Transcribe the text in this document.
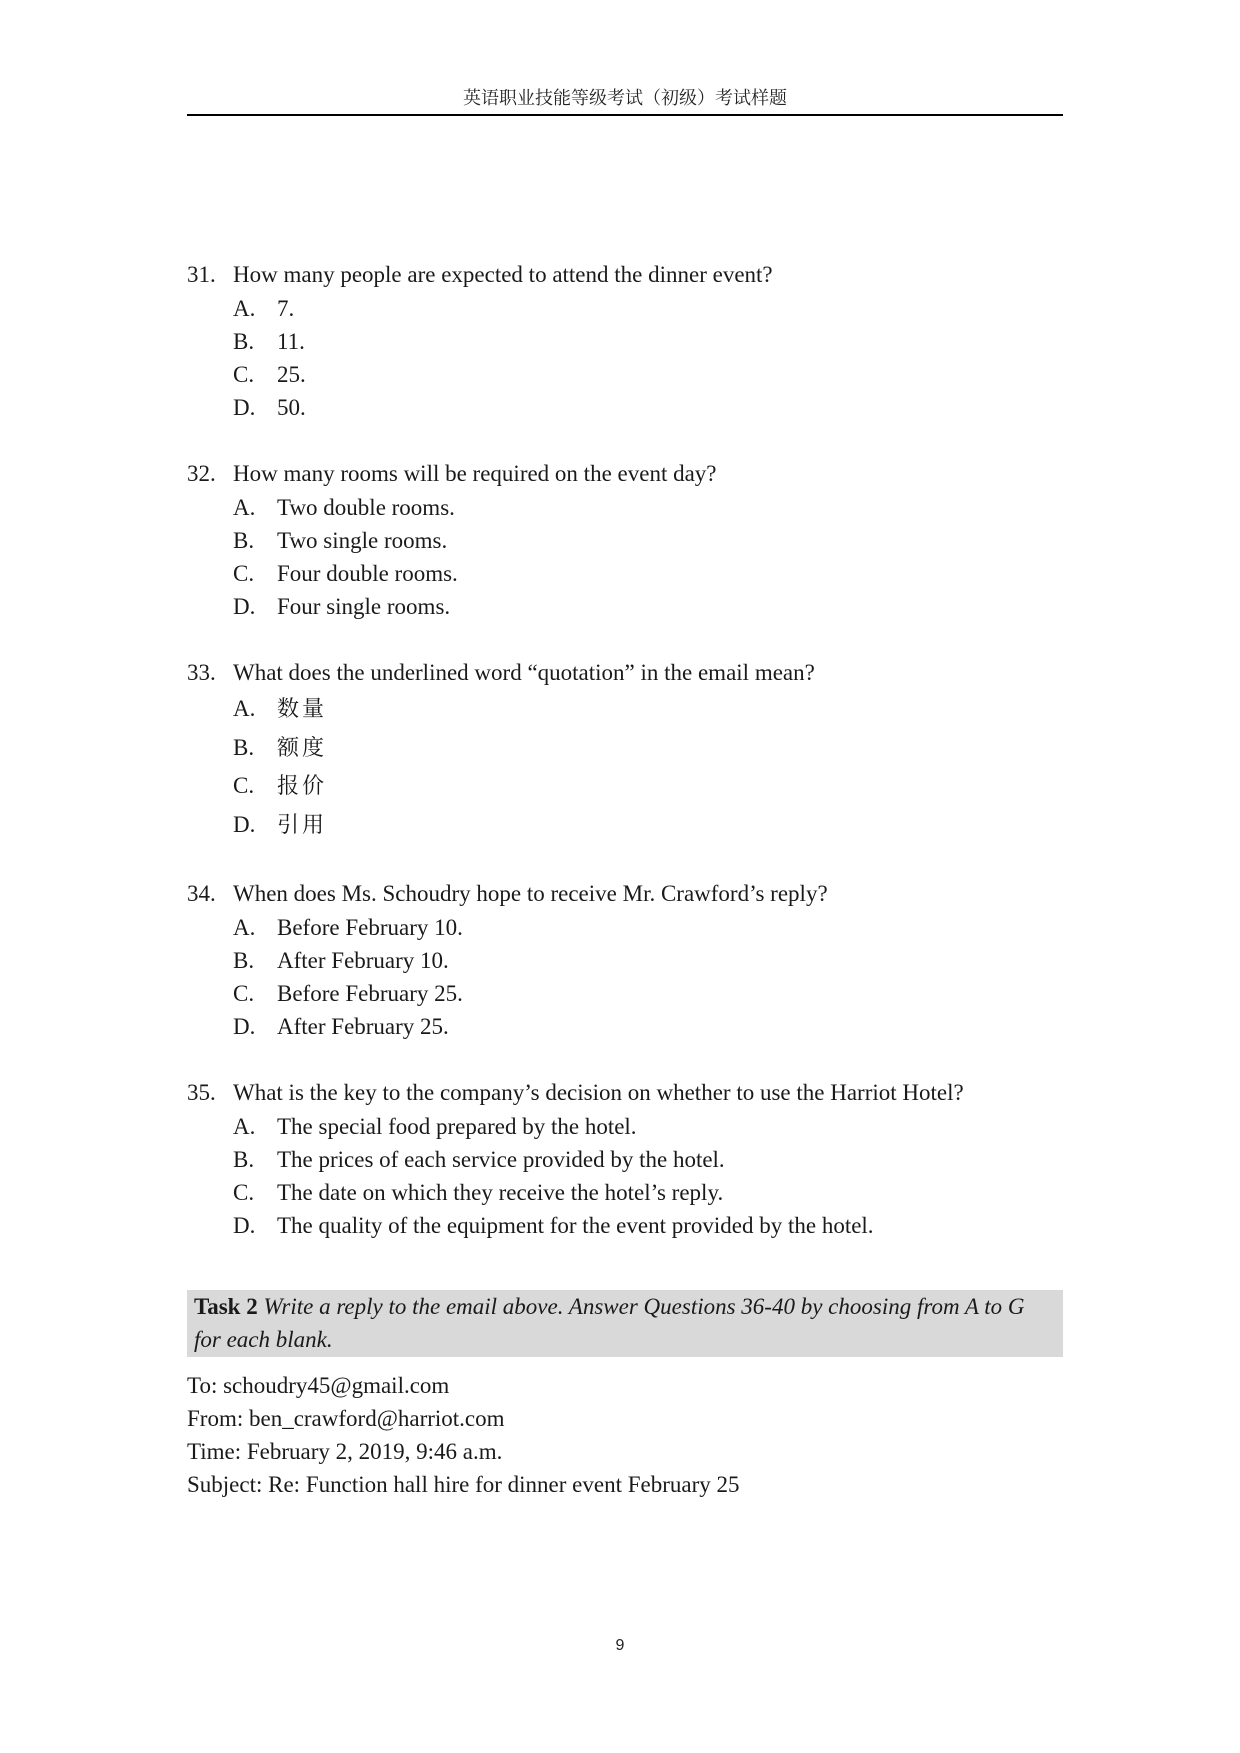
英语职业技能等级考试（初级）考试样题
31. How many people are expected to attend the dinner event?
A. 7.
B. 11.
C. 25.
D. 50.
32. How many rooms will be required on the event day?
A. Two double rooms.
B. Two single rooms.
C. Four double rooms.
D. Four single rooms.
33. What does the underlined word “quotation” in the email mean?
A. 数量
B. 额度
C. 报价
D. 引用
34. When does Ms. Schoudry hope to receive Mr. Crawford’s reply?
A. Before February 10.
B. After February 10.
C. Before February 25.
D. After February 25.
35. What is the key to the company’s decision on whether to use the Harriot Hotel?
A. The special food prepared by the hotel.
B. The prices of each service provided by the hotel.
C. The date on which they receive the hotel’s reply.
D. The quality of the equipment for the event provided by the hotel.
Task 2 Write a reply to the email above. Answer Questions 36-40 by choosing from A to G for each blank.
To: schoudry45@gmail.com
From: ben_crawford@harriot.com
Time: February 2, 2019, 9:46 a.m.
Subject: Re: Function hall hire for dinner event February 25
9
